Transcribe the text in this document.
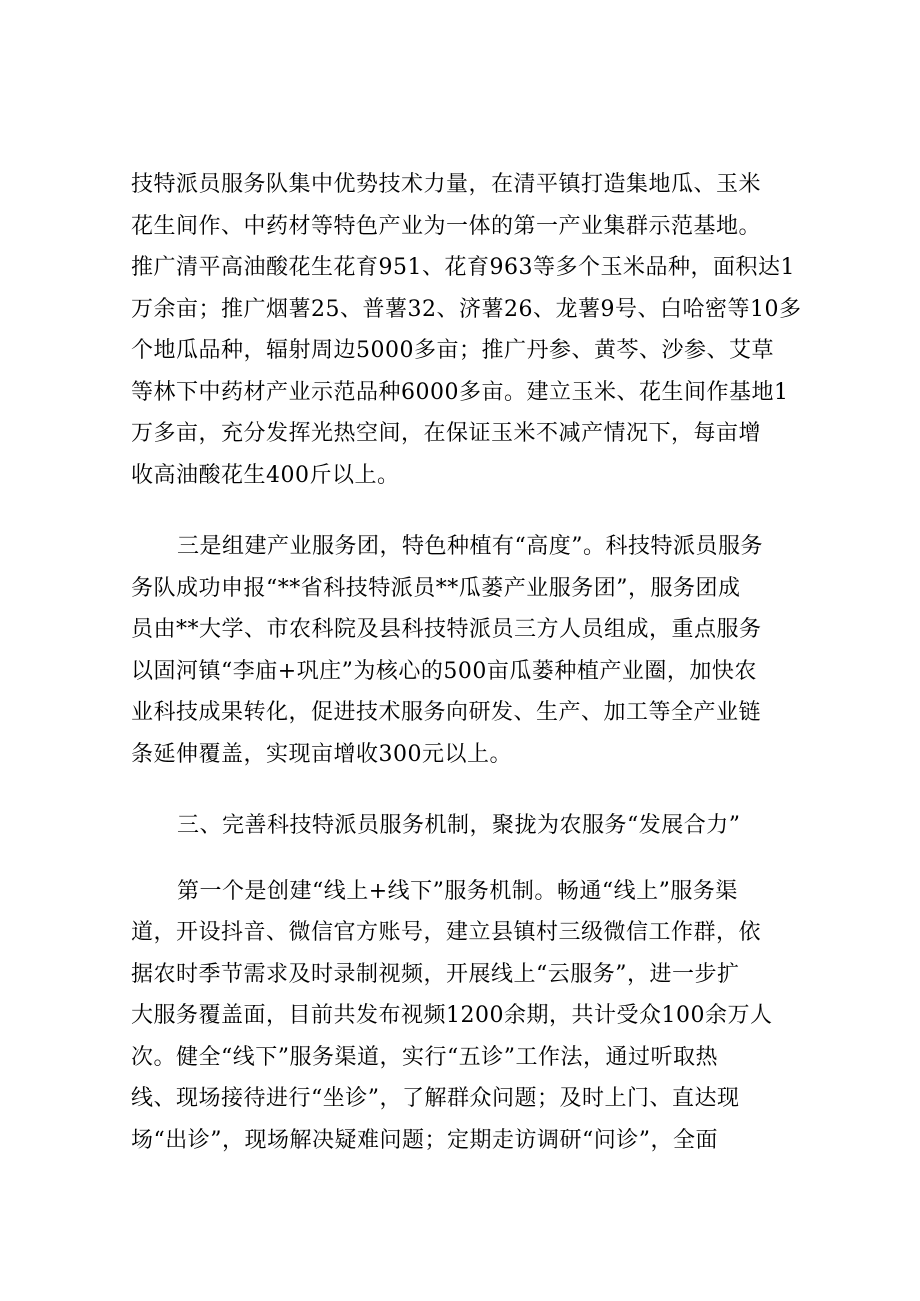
技特派员服务队集中优势技术力量，在清平镇打造集地瓜、玉米
花生间作、中药材等特色产业为一体的第一产业集群示范基地。
推广清平高油酸花生花育951、花育963等多个玉米品种，面积达1
万余亩；推广烟薯25、普薯32、济薯26、龙薯9号、白哈密等10多
个地瓜品种，辐射周边5000多亩；推广丹参、黄芩、沙参、艾草
等林下中药材产业示范品种6000多亩。建立玉米、花生间作基地1
万多亩，充分发挥光热空间，在保证玉米不减产情况下，每亩增
收高油酸花生400斤以上。
三是组建产业服务团，特色种植有“高度”。科技特派员服务
务队成功申报“**省科技特派员**瓜蒌产业服务团”，服务团成
员由**大学、市农科院及县科技特派员三方人员组成，重点服务
以固河镇“李庙+巩庄”为核心的500亩瓜蒌种植产业圈，加快农
业科技成果转化，促进技术服务向研发、生产、加工等全产业链
条延伸覆盖，实现亩增收300元以上。
三、完善科技特派员服务机制，聚拢为农服务“发展合力”
第一个是创建“线上+线下”服务机制。畅通“线上”服务渠
道，开设抖音、微信官方账号，建立县镇村三级微信工作群，依
据农时季节需求及时录制视频，开展线上“云服务”，进一步扩
大服务覆盖面，目前共发布视频1200余期，共计受众100余万人
次。健全“线下”服务渠道，实行“五诊”工作法，通过听取热
线、现场接待进行“坐诊”，了解群众问题；及时上门、直达现
场“出诊”，现场解决疑难问题；定期走访调研“问诊”，全面
